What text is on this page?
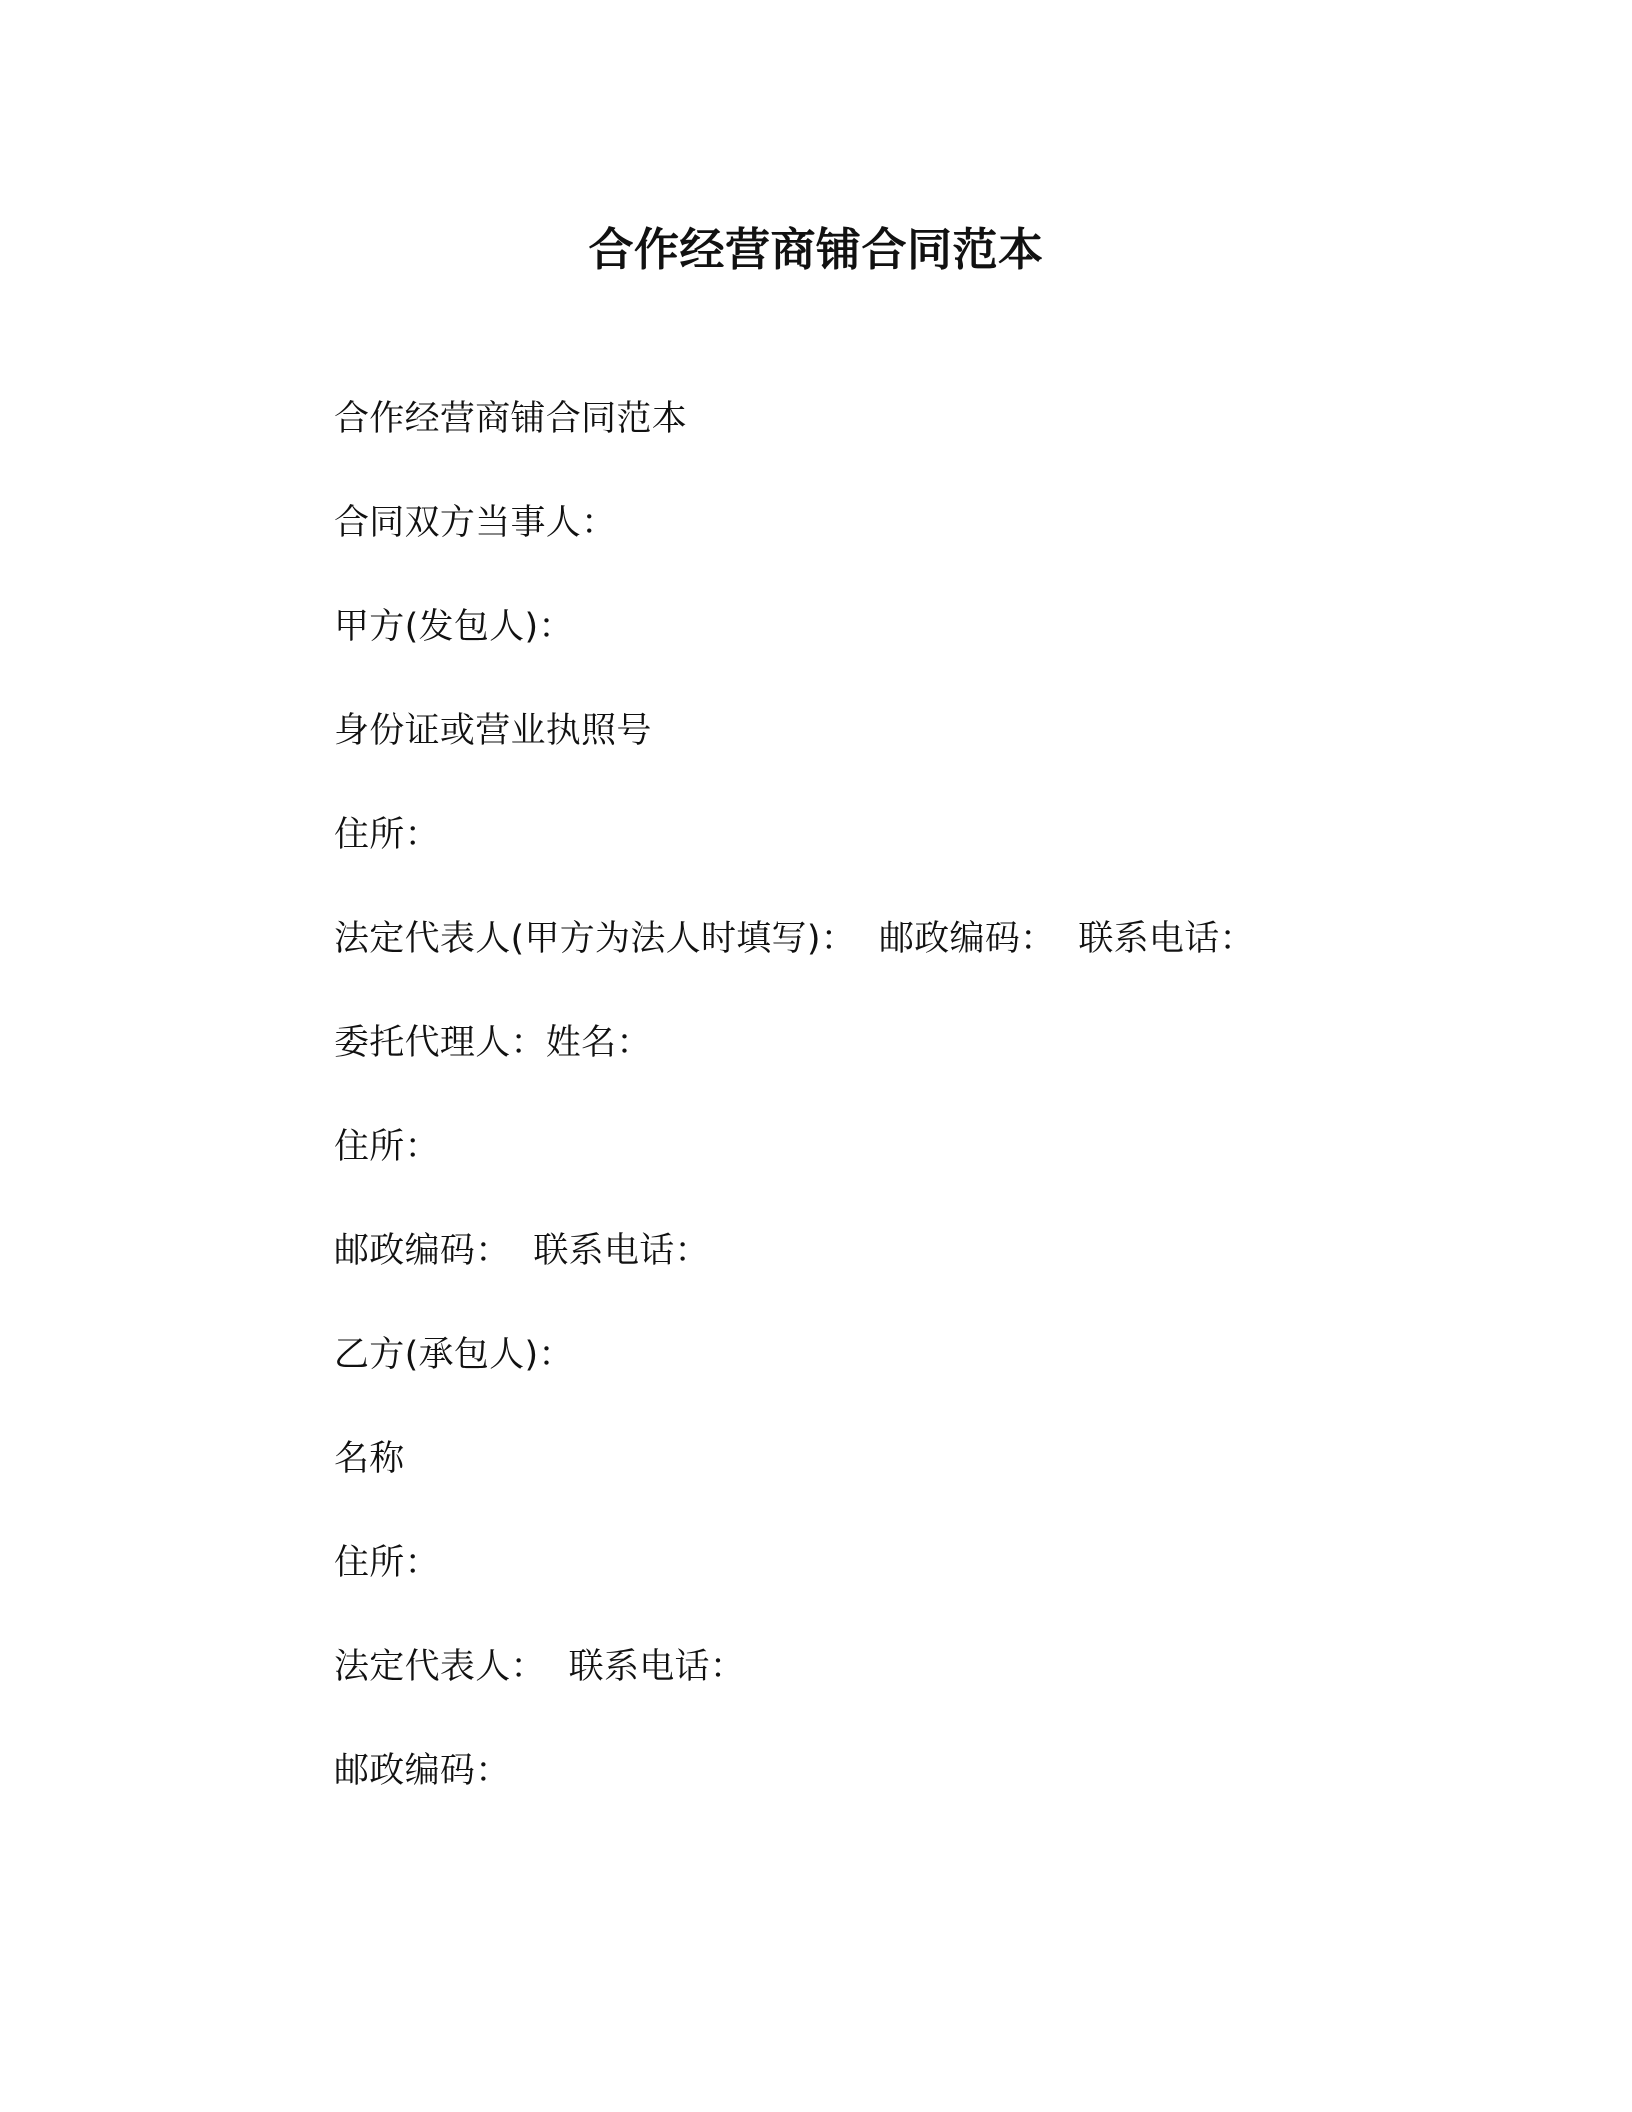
合作经营商铺合同范本
合作经营商铺合同范本
合同双方当事人：
甲方(发包人)：
身份证或营业执照号
住所：
法定代表人(甲方为法人时填写)：  邮政编码：  联系电话：
委托代理人：姓名：
住所：
邮政编码：  联系电话：
乙方(承包人)：
名称
住所：
法定代表人：  联系电话：
邮政编码：
